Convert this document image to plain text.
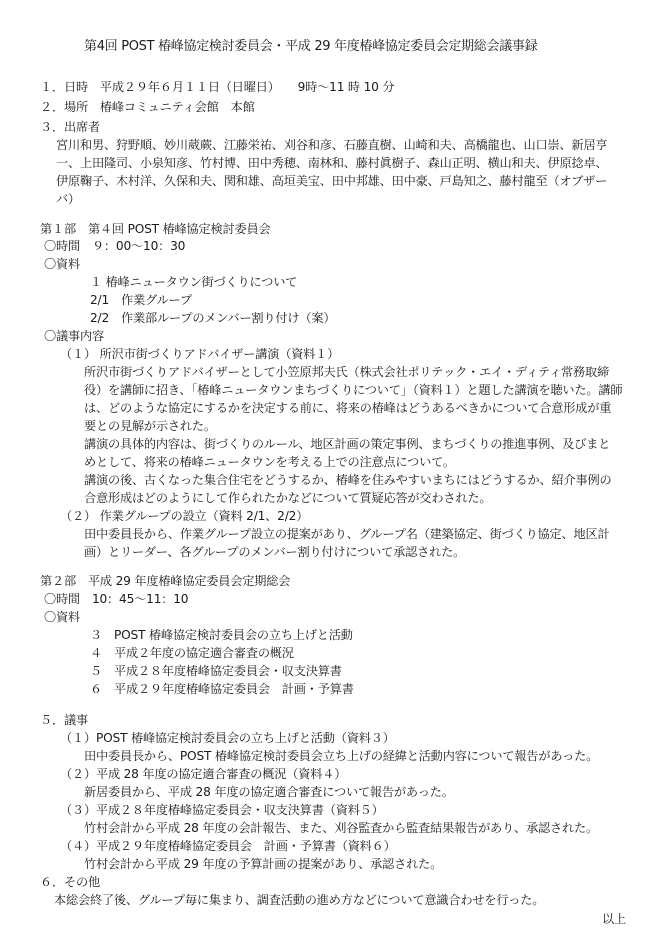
第4回 POST 椿峰協定検討委員会・平成 29 年度椿峰協定委員会定期総会議事録
１．日時　平成２９年６月１１日（日曜日）　　9時～11 時 10 分
２．場所　椿峰コミュニティ会館　本館
３．出席者
宮川和男、狩野順、妙川葳蕨、江藤栄祐、刈谷和彦、石藤直樹、山崎和夫、高橋龍也、山口崇、新居亨
一、上田隆司、小泉知彦、竹村博、田中秀穂、南林和、藤村眞樹子、森山正明、横山和夫、伊原捻卓、
伊原鞠子、木村洋、久保和夫、関和雄、高垣美宝、田中邦雄、田中豪、戸島知之、藤村龍至（オブザー
バ）
第１部　第４回 POST 椿峰協定検討委員会
〇時間　９：00～10：30
〇資料
１ 椿峰ニュータウン街づくりについて
2/1　作業グループ
2/2　作業部ループのメンバー割り付け（案）
〇議事内容
（１） 所沢市街づくりアドバイザー講演（資料１）
所沢市街づくりアドバイザーとして小笠原邦夫氏（株式会社ポリテック・エイ・ディティ常務取締
役）を講師に招き、「椿峰ニュータウンまちづくりについて」（資料１）と題した講演を聴いた。講師
は、どのような協定にするかを決定する前に、将来の椿峰はどうあるべきかについて合意形成が重
要との見解が示された。
講演の具体的内容は、街づくりのルール、地区計画の策定事例、まちづくりの推進事例、及びまと
めとして、将来の椿峰ニュータウンを考える上での注意点について。
講演の後、古くなった集合住宅をどうするか、椿峰を住みやすいまちにはどうするか、紹介事例の
合意形成はどのようにして作られたかなどについて質疑応答が交わされた。
（２） 作業グループの設立（資料 2/1、2/2）
田中委員長から、作業グループ設立の提案があり、グループ名（建築協定、街づくり協定、地区計
画）とリーダー、各グループのメンバー割り付けについて承認された。
第２部　平成 29 年度椿峰協定委員会定期総会
〇時間　10：45～11：10
〇資料
３　POST 椿峰協定検討委員会の立ち上げと活動
４　平成２年度の協定適合審査の概況
５　平成２８年度椿峰協定委員会・収支決算書
６　平成２９年度椿峰協定委員会　計画・予算書
５．議事
（１）POST 椿峰協定検討委員会の立ち上げと活動（資料３）
田中委員長から、POST 椿峰協定検討委員会立ち上げの経緯と活動内容について報告があった。
（２）平成 28 年度の協定適合審査の概況（資料４）
新居委員から、平成 28 年度の協定適合審査について報告があった。
（３）平成２８年度椿峰協定委員会・収支決算書（資料５）
竹村会計から平成 28 年度の会計報告、また、刈谷監査から監査結果報告があり、承認された。
（４）平成２９年度椿峰協定委員会　計画・予算書（資料６）
竹村会計から平成 29 年度の予算計画の提案があり、承認された。
６．その他
本総会終了後、グループ毎に集まり、調査活動の進め方などについて意識合わせを行った。
以上
